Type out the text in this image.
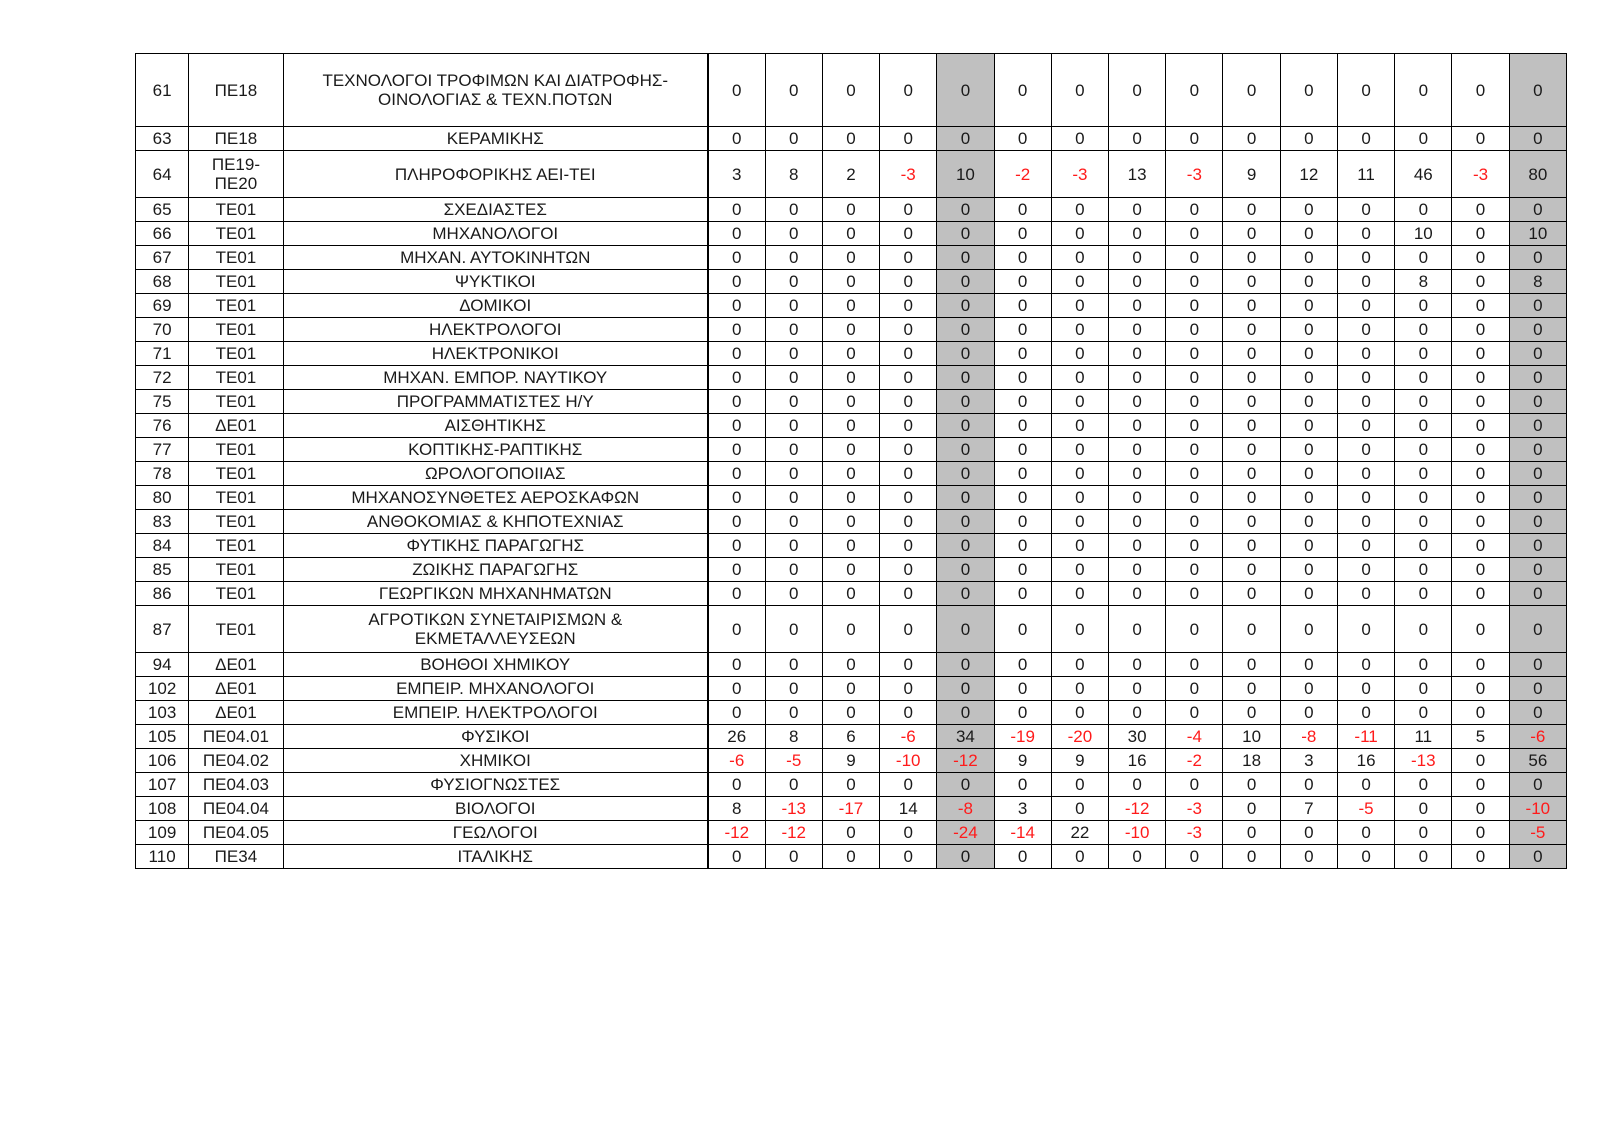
61	ΠΕ18	ΤΕΧΝΟΛΟΓΟΙ ΤΡΟΦΙΜΩΝ ΚΑΙ ΔΙΑΤΡΟΦΗΣ-ΟΙΝΟΛΟΓΙΑΣ & ΤΕΧΝ.ΠΟΤΩΝ	0	0	0	0	0	0	0	0	0	0	0	0	0	0	0
63	ΠΕ18	ΚΕΡΑΜΙΚΗΣ	0	0	0	0	0	0	0	0	0	0	0	0	0	0	0
64	ΠΕ19-ΠΕ20	ΠΛΗΡΟΦΟΡΙΚΗΣ ΑΕΙ-ΤΕΙ	3	8	2	-3	10	-2	-3	13	-3	9	12	11	46	-3	80
65	ΤΕ01	ΣΧΕΔΙΑΣΤΕΣ	0	0	0	0	0	0	0	0	0	0	0	0	0	0	0
66	ΤΕ01	ΜΗΧΑΝΟΛΟΓΟΙ	0	0	0	0	0	0	0	0	0	0	0	0	10	0	10
67	ΤΕ01	ΜΗΧΑΝ. ΑΥΤΟΚΙΝΗΤΩΝ	0	0	0	0	0	0	0	0	0	0	0	0	0	0	0
68	ΤΕ01	ΨΥΚΤΙΚΟΙ	0	0	0	0	0	0	0	0	0	0	0	0	8	0	8
69	ΤΕ01	ΔΟΜΙΚΟΙ	0	0	0	0	0	0	0	0	0	0	0	0	0	0	0
70	ΤΕ01	ΗΛΕΚΤΡΟΛΟΓΟΙ	0	0	0	0	0	0	0	0	0	0	0	0	0	0	0
71	ΤΕ01	ΗΛΕΚΤΡΟΝΙΚΟΙ	0	0	0	0	0	0	0	0	0	0	0	0	0	0	0
72	ΤΕ01	ΜΗΧΑΝ. ΕΜΠΟΡ. ΝΑΥΤΙΚΟΥ	0	0	0	0	0	0	0	0	0	0	0	0	0	0	0
75	ΤΕ01	ΠΡΟΓΡΑΜΜΑΤΙΣΤΕΣ Η/Υ	0	0	0	0	0	0	0	0	0	0	0	0	0	0	0
76	ΔΕ01	ΑΙΣΘΗΤΙΚΗΣ	0	0	0	0	0	0	0	0	0	0	0	0	0	0	0
77	ΤΕ01	ΚΟΠΤΙΚΗΣ-ΡΑΠΤΙΚΗΣ	0	0	0	0	0	0	0	0	0	0	0	0	0	0	0
78	ΤΕ01	ΩΡΟΛΟΓΟΠΟΙΙΑΣ	0	0	0	0	0	0	0	0	0	0	0	0	0	0	0
80	ΤΕ01	ΜΗΧΑΝΟΣΥΝΘΕΤΕΣ ΑΕΡΟΣΚΑΦΩΝ	0	0	0	0	0	0	0	0	0	0	0	0	0	0	0
83	ΤΕ01	ΑΝΘΟΚΟΜΙΑΣ & ΚΗΠΟΤΕΧΝΙΑΣ	0	0	0	0	0	0	0	0	0	0	0	0	0	0	0
84	ΤΕ01	ΦΥΤΙΚΗΣ ΠΑΡΑΓΩΓΗΣ	0	0	0	0	0	0	0	0	0	0	0	0	0	0	0
85	ΤΕ01	ΖΩΙΚΗΣ ΠΑΡΑΓΩΓΗΣ	0	0	0	0	0	0	0	0	0	0	0	0	0	0	0
86	ΤΕ01	ΓΕΩΡΓΙΚΩΝ ΜΗΧΑΝΗΜΑΤΩΝ	0	0	0	0	0	0	0	0	0	0	0	0	0	0	0
87	ΤΕ01	ΑΓΡΟΤΙΚΩΝ ΣΥΝΕΤΑΙΡΙΣΜΩΝ & ΕΚΜΕΤΑΛΛΕΥΣΕΩΝ	0	0	0	0	0	0	0	0	0	0	0	0	0	0	0
94	ΔΕ01	ΒΟΗΘΟΙ ΧΗΜΙΚΟΥ	0	0	0	0	0	0	0	0	0	0	0	0	0	0	0
102	ΔΕ01	ΕΜΠΕΙΡ. ΜΗΧΑΝΟΛΟΓΟΙ	0	0	0	0	0	0	0	0	0	0	0	0	0	0	0
103	ΔΕ01	ΕΜΠΕΙΡ. ΗΛΕΚΤΡΟΛΟΓΟΙ	0	0	0	0	0	0	0	0	0	0	0	0	0	0	0
105	ΠΕ04.01	ΦΥΣΙΚΟΙ	26	8	6	-6	34	-19	-20	30	-4	10	-8	-11	11	5	-6
106	ΠΕ04.02	ΧΗΜΙΚΟΙ	-6	-5	9	-10	-12	9	9	16	-2	18	3	16	-13	0	56
107	ΠΕ04.03	ΦΥΣΙΟΓΝΩΣΤΕΣ	0	0	0	0	0	0	0	0	0	0	0	0	0	0	0
108	ΠΕ04.04	ΒΙΟΛΟΓΟΙ	8	-13	-17	14	-8	3	0	-12	-3	0	7	-5	0	0	-10
109	ΠΕ04.05	ΓΕΩΛΟΓΟΙ	-12	-12	0	0	-24	-14	22	-10	-3	0	0	0	0	0	-5
110	ΠΕ34	ΙΤΑΛΙΚΗΣ	0	0	0	0	0	0	0	0	0	0	0	0	0	0	0
